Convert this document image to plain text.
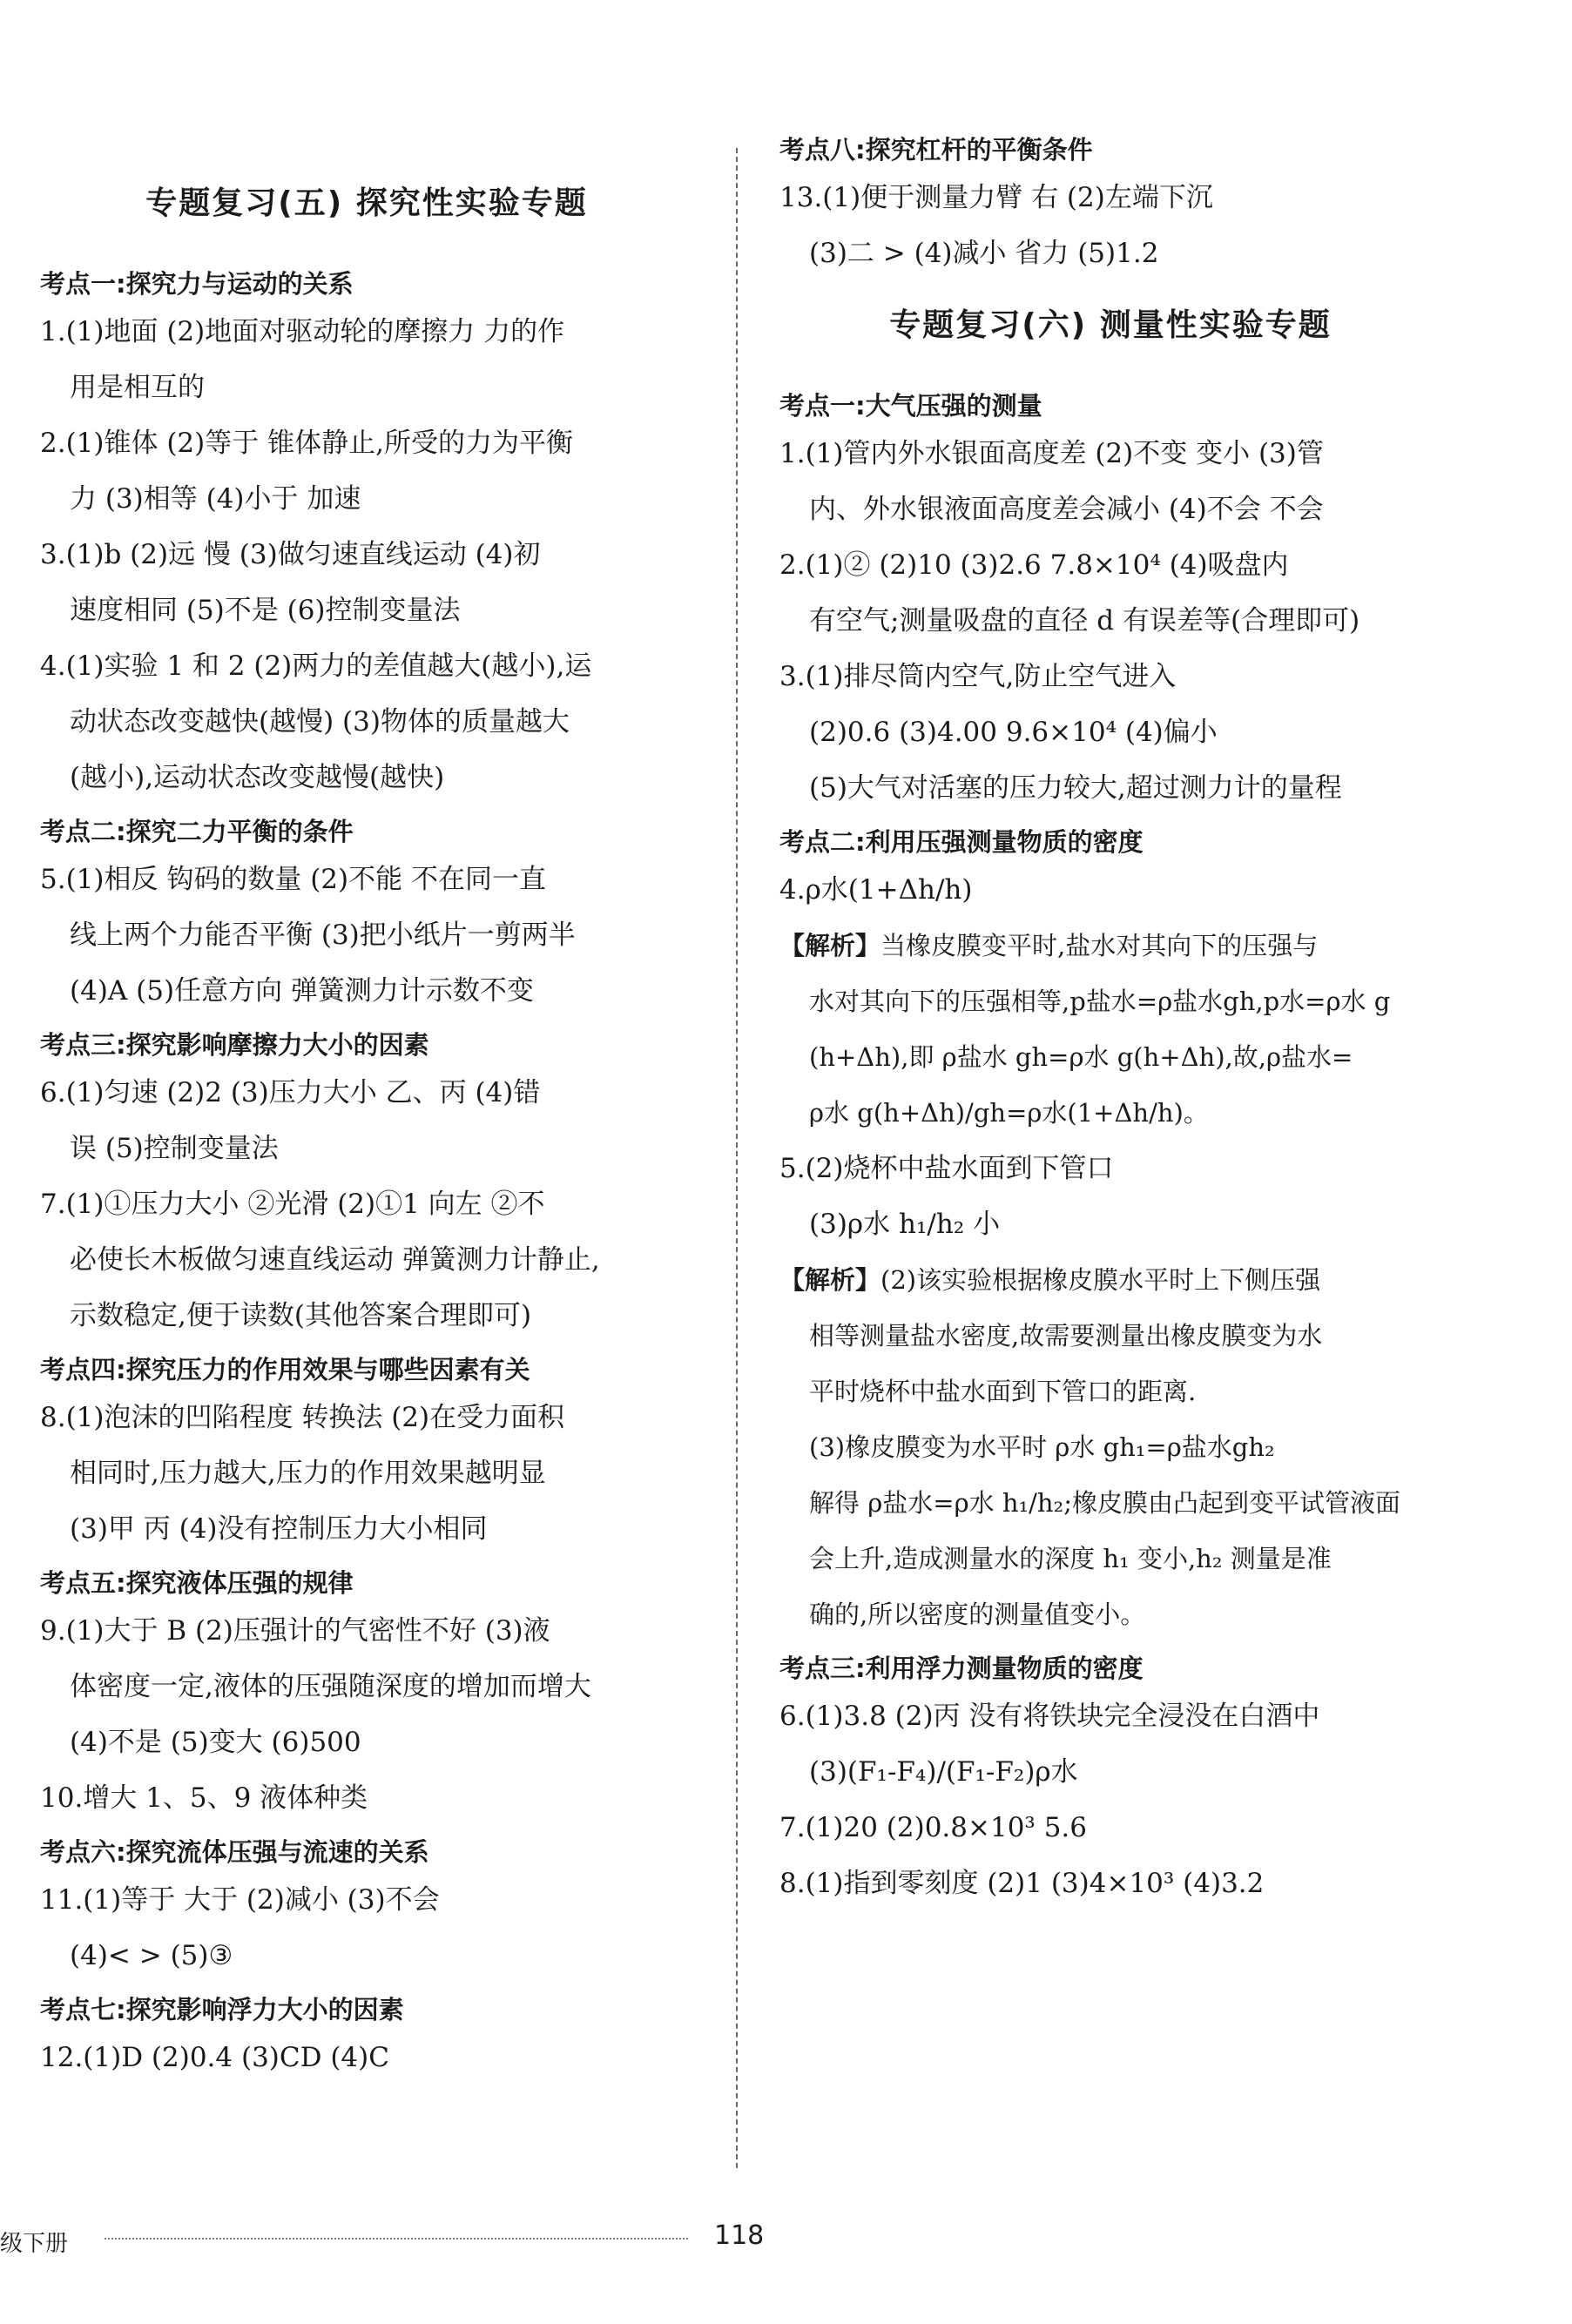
专题复习(五) 探究性实验专题
考点一:探究力与运动的关系
1.(1)地面 (2)地面对驱动轮的摩擦力 力的作
用是相互的
2.(1)锥体 (2)等于 锥体静止,所受的力为平衡
力 (3)相等 (4)小于 加速
3.(1)b (2)远 慢 (3)做匀速直线运动 (4)初
速度相同 (5)不是 (6)控制变量法
4.(1)实验 1 和 2 (2)两力的差值越大(越小),运
动状态改变越快(越慢) (3)物体的质量越大
(越小),运动状态改变越慢(越快)
考点二:探究二力平衡的条件
5.(1)相反 钩码的数量 (2)不能 不在同一直
线上两个力能否平衡 (3)把小纸片一剪两半
(4)A (5)任意方向 弹簧测力计示数不变
考点三:探究影响摩擦力大小的因素
6.(1)匀速 (2)2 (3)压力大小 乙、丙 (4)错
误 (5)控制变量法
7.(1)①压力大小 ②光滑 (2)①1 向左 ②不
必使长木板做匀速直线运动 弹簧测力计静止,
示数稳定,便于读数(其他答案合理即可)
考点四:探究压力的作用效果与哪些因素有关
8.(1)泡沫的凹陷程度 转换法 (2)在受力面积
相同时,压力越大,压力的作用效果越明显
(3)甲 丙 (4)没有控制压力大小相同
考点五:探究液体压强的规律
9.(1)大于 B (2)压强计的气密性不好 (3)液
体密度一定,液体的压强随深度的增加而增大
(4)不是 (5)变大 (6)500
10.增大 1、5、9 液体种类
考点六:探究流体压强与流速的关系
11.(1)等于 大于 (2)减小 (3)不会
(4)< > (5)③
考点七:探究影响浮力大小的因素
12.(1)D (2)0.4 (3)CD (4)C
考点八:探究杠杆的平衡条件
13.(1)便于测量力臂 右 (2)左端下沉
(3)二 > (4)减小 省力 (5)1.2
专题复习(六) 测量性实验专题
考点一:大气压强的测量
1.(1)管内外水银面高度差 (2)不变 变小 (3)管
内、外水银液面高度差会减小 (4)不会 不会
2.(1)② (2)10 (3)2.6 7.8×10⁴ (4)吸盘内
有空气;测量吸盘的直径 d 有误差等(合理即可)
3.(1)排尽筒内空气,防止空气进入
(2)0.6 (3)4.00 9.6×10⁴ (4)偏小
(5)大气对活塞的压力较大,超过测力计的量程
考点二:利用压强测量物质的密度
4.ρ水(1+Δh/h)
【解析】当橡皮膜变平时,盐水对其向下的压强与
水对其向下的压强相等,p盐水=ρ盐水gh,p水=ρ水 g
(h+Δh),即 ρ盐水 gh=ρ水 g(h+Δh),故,ρ盐水=
ρ水 g(h+Δh)/gh=ρ水(1+Δh/h)。
5.(2)烧杯中盐水面到下管口
(3)ρ水 h₁/h₂ 小
【解析】(2)该实验根据橡皮膜水平时上下侧压强
相等测量盐水密度,故需要测量出橡皮膜变为水
平时烧杯中盐水面到下管口的距离.
(3)橡皮膜变为水平时 ρ水 gh₁=ρ盐水gh₂
解得 ρ盐水=ρ水 h₁/h₂;橡皮膜由凸起到变平试管液面
会上升,造成测量水的深度 h₁ 变小,h₂ 测量是准
确的,所以密度的测量值变小。
考点三:利用浮力测量物质的密度
6.(1)3.8 (2)丙 没有将铁块完全浸没在白酒中
(3)(F₁-F₄)/(F₁-F₂)ρ水
7.(1)20 (2)0.8×10³ 5.6
8.(1)指到零刻度 (2)1 (3)4×10³ (4)3.2
级下册	118
